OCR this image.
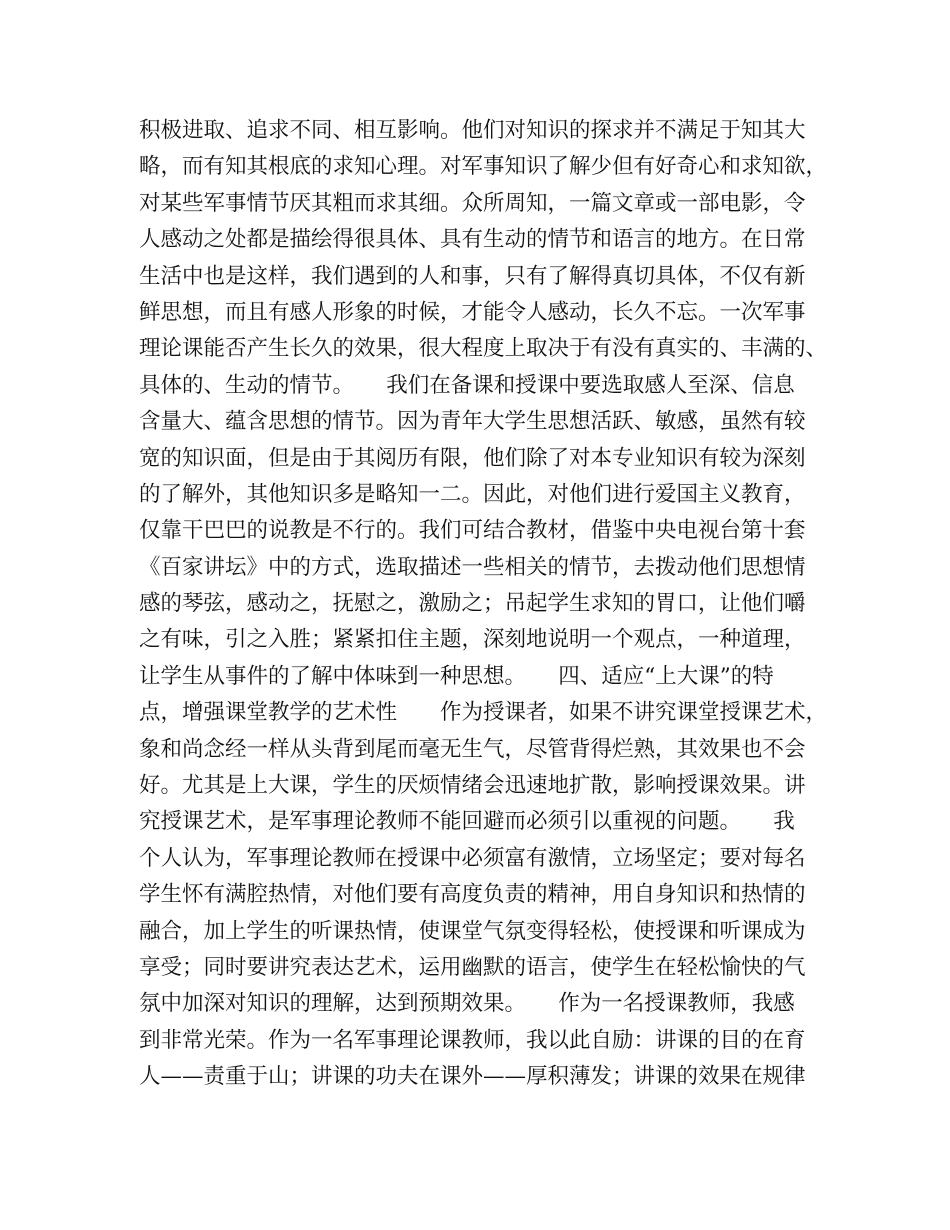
积极进取、追求不同、相互影响。他们对知识的探求并不满足于知其大
略，而有知其根底的求知心理。对军事知识了解少但有好奇心和求知欲，
对某些军事情节厌其粗而求其细。众所周知，一篇文章或一部电影，令
人感动之处都是描绘得很具体、具有生动的情节和语言的地方。在日常
生活中也是这样，我们遇到的人和事，只有了解得真切具体，不仅有新
鲜思想，而且有感人形象的时候，才能令人感动，长久不忘。一次军事
理论课能否产生长久的效果，很大程度上取决于有没有真实的、丰满的、
具体的、生动的情节。　　我们在备课和授课中要选取感人至深、信息
含量大、蕴含思想的情节。因为青年大学生思想活跃、敏感，虽然有较
宽的知识面，但是由于其阅历有限，他们除了对本专业知识有较为深刻
的了解外，其他知识多是略知一二。因此，对他们进行爱国主义教育，
仅靠干巴巴的说教是不行的。我们可结合教材，借鉴中央电视台第十套
《百家讲坛》中的方式，选取描述一些相关的情节，去拨动他们思想情
感的琴弦，感动之，抚慰之，激励之；吊起学生求知的胃口，让他们嚼
之有味，引之入胜；紧紧扣住主题，深刻地说明一个观点，一种道理，
让学生从事件的了解中体味到一种思想。　　四、适应“上大课”的特
点，增强课堂教学的艺术性　　作为授课者，如果不讲究课堂授课艺术，
象和尚念经一样从头背到尾而毫无生气，尽管背得烂熟，其效果也不会
好。尤其是上大课，学生的厌烦情绪会迅速地扩散，影响授课效果。讲
究授课艺术，是军事理论教师不能回避而必须引以重视的问题。　　我
个人认为，军事理论教师在授课中必须富有激情，立场坚定；要对每名
学生怀有满腔热情，对他们要有高度负责的精神，用自身知识和热情的
融合，加上学生的听课热情，使课堂气氛变得轻松，使授课和听课成为
享受；同时要讲究表达艺术，运用幽默的语言，使学生在轻松愉快的气
氛中加深对知识的理解，达到预期效果。　　作为一名授课教师，我感
到非常光荣。作为一名军事理论课教师，我以此自励：讲课的目的在育
人——责重于山；讲课的功夫在课外——厚积薄发；讲课的效果在规律
